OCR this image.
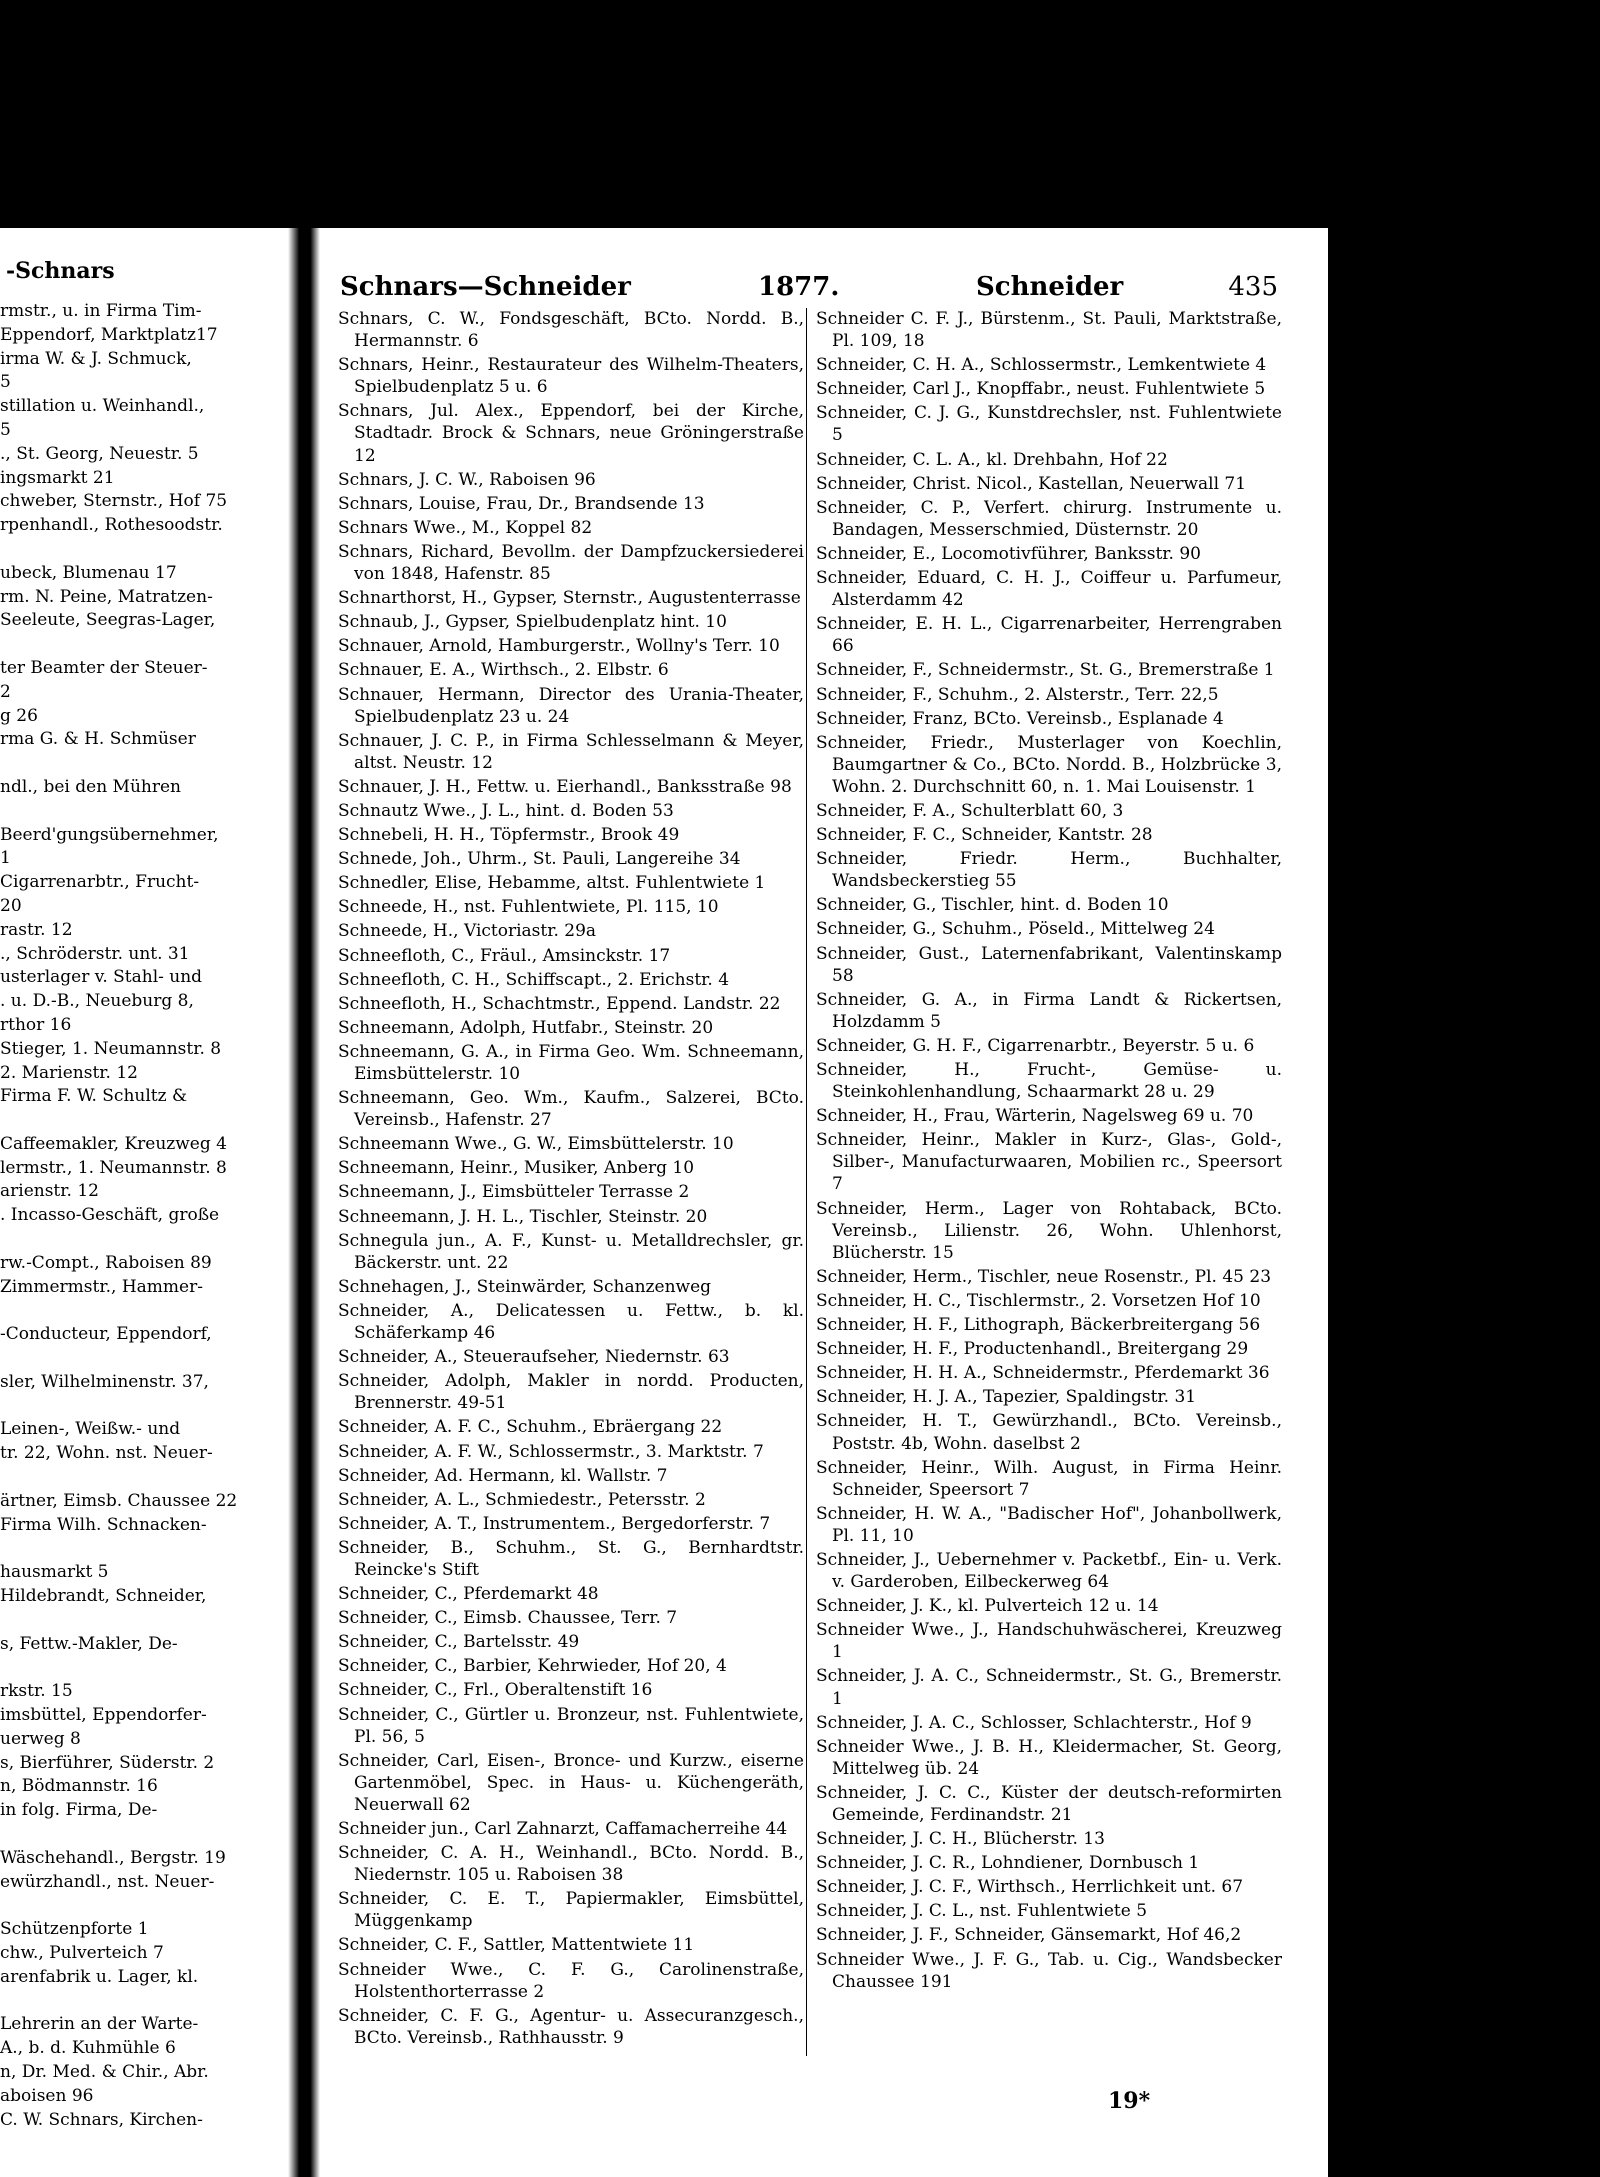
-Schnars
rmstr., u. in Firma Tim-
Eppendorf, Marktplatz17
irma W. & J. Schmuck,
5
stillation u. Weinhandl.,
5
., St. Georg, Neuestr. 5
ingsmarkt 21
chweber, Sternstr., Hof 75
rpenhandl., Rothesoodstr.

ubeck, Blumenau 17
rm. N. Peine, Matratzen-
Seeleute, Seegras-Lager,

ter Beamter der Steuer-
2
g 26
rma G. & H. Schmüser

ndl., bei den Mühren

Beerd'gungsübernehmer,
1
Cigarrenarbtr., Frucht-
20
rastr. 12
., Schröderstr. unt. 31
usterlager v. Stahl- und
. u. D.-B., Neueburg 8,
rthor 16
Stieger, 1. Neumannstr. 8
2. Marienstr. 12
Firma F. W. Schultz &

Caffeemakler, Kreuzweg 4
lermstr., 1. Neumannstr. 8
arienstr. 12
. Incasso-Geschäft, große

rw.-Compt., Raboisen 89
Zimmermstr., Hammer-

-Conducteur, Eppendorf,

sler, Wilhelminenstr. 37,

Leinen-, Weißw.- und
tr. 22, Wohn. nst. Neuer-

ärtner, Eimsb. Chaussee 22
Firma Wilh. Schnacken-

hausmarkt 5
Hildebrandt, Schneider,

s, Fettw.-Makler, De-

rkstr. 15
imsbüttel, Eppendorfer-
uerweg 8
s, Bierführer, Süderstr. 2
n, Bödmannstr. 16
in folg. Firma, De-

Wäschehandl., Bergstr. 19
ewürzhandl., nst. Neuer-

Schützenpforte 1
chw., Pulverteich 7
arenfabrik u. Lager, kl.

Lehrerin an der Warte-
A., b. d. Kuhmühle 6
n, Dr. Med. & Chir., Abr.
aboisen 96
C. W. Schnars, Kirchen-
Schnars—Schneider	1877.	Schneider	435
Schnars, C. W., Fondsgeschäft, BCto. Nordd. B., Hermannstr. 6
Schnars, Heinr., Restaurateur des Wilhelm-Theaters, Spielbudenplatz 5 u. 6
Schnars, Jul. Alex., Eppendorf, bei der Kirche, Stadtadr. Brock & Schnars, neue Gröningerstraße 12
Schnars, J. C. W., Raboisen 96
Schnars, Louise, Frau, Dr., Brandsende 13
Schnars Wwe., M., Koppel 82
Schnars, Richard, Bevollm. der Dampfzuckersiederei von 1848, Hafenstr. 85
Schnarthorst, H., Gypser, Sternstr., Augustenterrasse
Schnaub, J., Gypser, Spielbudenplatz hint. 10
Schnauer, Arnold, Hamburgerstr., Wollny's Terr. 10
Schnauer, E. A., Wirthsch., 2. Elbstr. 6
Schnauer, Hermann, Director des Urania-Theater, Spielbudenplatz 23 u. 24
Schnauer, J. C. P., in Firma Schlesselmann & Meyer, altst. Neustr. 12
Schnauer, J. H., Fettw. u. Eierhandl., Banksstraße 98
Schnautz Wwe., J. L., hint. d. Boden 53
Schnebeli, H. H., Töpfermstr., Brook 49
Schnede, Joh., Uhrm., St. Pauli, Langereihe 34
Schnedler, Elise, Hebamme, altst. Fuhlentwiete 1
Schneede, H., nst. Fuhlentwiete, Pl. 115, 10
Schneede, H., Victoriastr. 29a
Schneefloth, C., Fräul., Amsinckstr. 17
Schneefloth, C. H., Schiffscapt., 2. Erichstr. 4
Schneefloth, H., Schachtmstr., Eppend. Landstr. 22
Schneemann, Adolph, Hutfabr., Steinstr. 20
Schneemann, G. A., in Firma Geo. Wm. Schneemann, Eimsbüttelerstr. 10
Schneemann, Geo. Wm., Kaufm., Salzerei, BCto. Vereinsb., Hafenstr. 27
Schneemann Wwe., G. W., Eimsbüttelerstr. 10
Schneemann, Heinr., Musiker, Anberg 10
Schneemann, J., Eimsbütteler Terrasse 2
Schneemann, J. H. L., Tischler, Steinstr. 20
Schnegula jun., A. F., Kunst- u. Metalldrechsler, gr. Bäckerstr. unt. 22
Schnehagen, J., Steinwärder, Schanzenweg
Schneider, A., Delicatessen u. Fettw., b. kl. Schäferkamp 46
Schneider, A., Steueraufseher, Niedernstr. 63
Schneider, Adolph, Makler in nordd. Producten, Brennerstr. 49-51
Schneider, A. F. C., Schuhm., Ebräergang 22
Schneider, A. F. W., Schlossermstr., 3. Marktstr. 7
Schneider, Ad. Hermann, kl. Wallstr. 7
Schneider, A. L., Schmiedestr., Petersstr. 2
Schneider, A. T., Instrumentem., Bergedorferstr. 7
Schneider, B., Schuhm., St. G., Bernhardtstr. Reincke's Stift
Schneider, C., Pferdemarkt 48
Schneider, C., Eimsb. Chaussee, Terr. 7
Schneider, C., Bartelsstr. 49
Schneider, C., Barbier, Kehrwieder, Hof 20, 4
Schneider, C., Frl., Oberaltenstift 16
Schneider, C., Gürtler u. Bronzeur, nst. Fuhlentwiete, Pl. 56, 5
Schneider, Carl, Eisen-, Bronce- und Kurzw., eiserne Gartenmöbel, Spec. in Haus- u. Küchengeräth, Neuerwall 62
Schneider jun., Carl Zahnarzt, Caffamacherreihe 44
Schneider, C. A. H., Weinhandl., BCto. Nordd. B., Niedernstr. 105 u. Raboisen 38
Schneider, C. E. T., Papiermakler, Eimsbüttel, Müggenkamp
Schneider, C. F., Sattler, Mattentwiete 11
Schneider Wwe., C. F. G., Carolinenstraße, Holstenthorterrasse 2
Schneider, C. F. G., Agentur- u. Assecuranzgesch., BCto. Vereinsb., Rathhausstr. 9
Schneider C. F. J., Bürstenm., St. Pauli, Marktstraße, Pl. 109, 18
Schneider, C. H. A., Schlossermstr., Lemkentwiete 4
Schneider, Carl J., Knopffabr., neust. Fuhlentwiete 5
Schneider, C. J. G., Kunstdrechsler, nst. Fuhlentwiete 5
Schneider, C. L. A., kl. Drehbahn, Hof 22
Schneider, Christ. Nicol., Kastellan, Neuerwall 71
Schneider, C. P., Verfert. chirurg. Instrumente u. Bandagen, Messerschmied, Düsternstr. 20
Schneider, E., Locomotivführer, Banksstr. 90
Schneider, Eduard, C. H. J., Coiffeur u. Parfumeur, Alsterdamm 42
Schneider, E. H. L., Cigarrenarbeiter, Herrengraben 66
Schneider, F., Schneidermstr., St. G., Bremerstraße 1
Schneider, F., Schuhm., 2. Alsterstr., Terr. 22,5
Schneider, Franz, BCto. Vereinsb., Esplanade 4
Schneider, Friedr., Musterlager von Koechlin, Baumgartner & Co., BCto. Nordd. B., Holzbrücke 3, Wohn. 2. Durchschnitt 60, n. 1. Mai Louisenstr. 1
Schneider, F. A., Schulterblatt 60, 3
Schneider, F. C., Schneider, Kantstr. 28
Schneider, Friedr. Herm., Buchhalter, Wandsbeckerstieg 55
Schneider, G., Tischler, hint. d. Boden 10
Schneider, G., Schuhm., Pöseld., Mittelweg 24
Schneider, Gust., Laternenfabrikant, Valentinskamp 58
Schneider, G. A., in Firma Landt & Rickertsen, Holzdamm 5
Schneider, G. H. F., Cigarrenarbtr., Beyerstr. 5 u. 6
Schneider, H., Frucht-, Gemüse- u. Steinkohlenhandlung, Schaarmarkt 28 u. 29
Schneider, H., Frau, Wärterin, Nagelsweg 69 u. 70
Schneider, Heinr., Makler in Kurz-, Glas-, Gold-, Silber-, Manufacturwaaren, Mobilien rc., Speersort 7
Schneider, Herm., Lager von Rohtaback, BCto. Vereinsb., Lilienstr. 26, Wohn. Uhlenhorst, Blücherstr. 15
Schneider, Herm., Tischler, neue Rosenstr., Pl. 45 23
Schneider, H. C., Tischlermstr., 2. Vorsetzen Hof 10
Schneider, H. F., Lithograph, Bäckerbreitergang 56
Schneider, H. F., Productenhandl., Breitergang 29
Schneider, H. H. A., Schneidermstr., Pferdemarkt 36
Schneider, H. J. A., Tapezier, Spaldingstr. 31
Schneider, H. T., Gewürzhandl., BCto. Vereinsb., Poststr. 4b, Wohn. daselbst 2
Schneider, Heinr., Wilh. August, in Firma Heinr. Schneider, Speersort 7
Schneider, H. W. A., "Badischer Hof", Johanbollwerk, Pl. 11, 10
Schneider, J., Uebernehmer v. Packetbf., Ein- u. Verk. v. Garderoben, Eilbeckerweg 64
Schneider, J. K., kl. Pulverteich 12 u. 14
Schneider Wwe., J., Handschuhwäscherei, Kreuzweg 1
Schneider, J. A. C., Schneidermstr., St. G., Bremerstr. 1
Schneider, J. A. C., Schlosser, Schlachterstr., Hof 9
Schneider Wwe., J. B. H., Kleidermacher, St. Georg, Mittelweg üb. 24
Schneider, J. C. C., Küster der deutsch-reformirten Gemeinde, Ferdinandstr. 21
Schneider, J. C. H., Blücherstr. 13
Schneider, J. C. R., Lohndiener, Dornbusch 1
Schneider, J. C. F., Wirthsch., Herrlichkeit unt. 67
Schneider, J. C. L., nst. Fuhlentwiete 5
Schneider, J. F., Schneider, Gänsemarkt, Hof 46,2
Schneider Wwe., J. F. G., Tab. u. Cig., Wandsbecker Chaussee 191
19*
